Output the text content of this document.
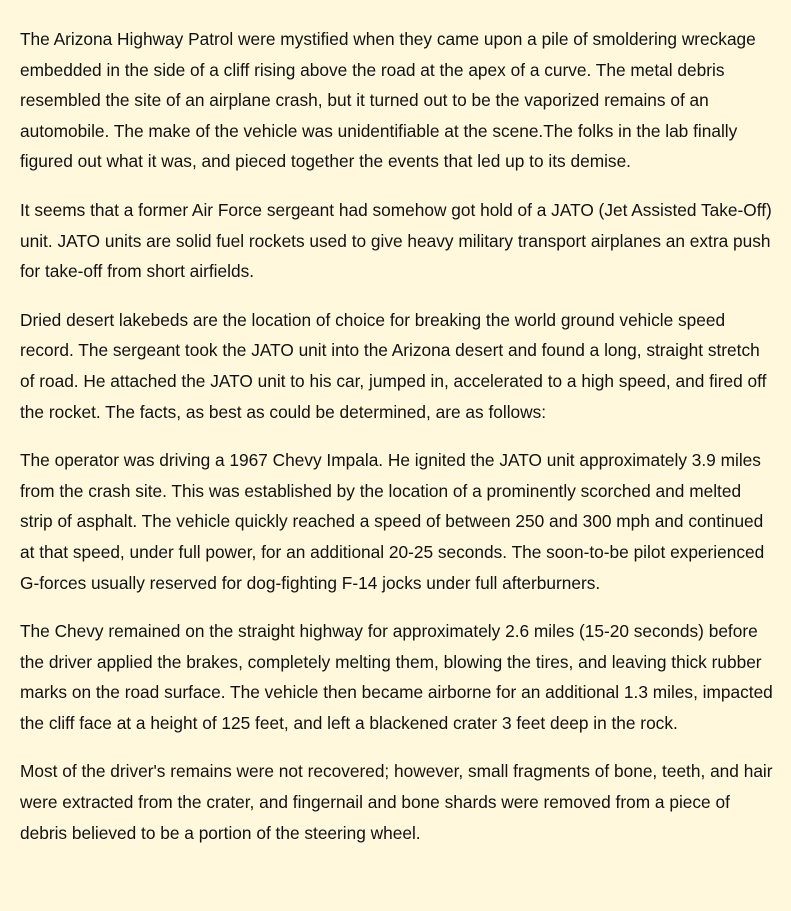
The Arizona Highway Patrol were mystified when they came upon a pile of smoldering wreckage embedded in the side of a cliff rising above the road at the apex of a curve. The metal debris resembled the site of an airplane crash, but it turned out to be the vaporized remains of an automobile. The make of the vehicle was unidentifiable at the scene.The folks in the lab finally figured out what it was, and pieced together the events that led up to its demise.

It seems that a former Air Force sergeant had somehow got hold of a JATO (Jet Assisted Take-Off) unit. JATO units are solid fuel rockets used to give heavy military transport airplanes an extra push for take-off from short airfields.

Dried desert lakebeds are the location of choice for breaking the world ground vehicle speed record. The sergeant took the JATO unit into the Arizona desert and found a long, straight stretch of road. He attached the JATO unit to his car, jumped in, accelerated to a high speed, and fired off the rocket. The facts, as best as could be determined, are as follows:

The operator was driving a 1967 Chevy Impala. He ignited the JATO unit approximately 3.9 miles from the crash site. This was established by the location of a prominently scorched and melted strip of asphalt. The vehicle quickly reached a speed of between 250 and 300 mph and continued at that speed, under full power, for an additional 20-25 seconds. The soon-to-be pilot experienced G-forces usually reserved for dog-fighting F-14 jocks under full afterburners.

The Chevy remained on the straight highway for approximately 2.6 miles (15-20 seconds) before the driver applied the brakes, completely melting them, blowing the tires, and leaving thick rubber marks on the road surface. The vehicle then became airborne for an additional 1.3 miles, impacted the cliff face at a height of 125 feet, and left a blackened crater 3 feet deep in the rock.

Most of the driver's remains were not recovered; however, small fragments of bone, teeth, and hair were extracted from the crater, and fingernail and bone shards were removed from a piece of debris believed to be a portion of the steering wheel.
